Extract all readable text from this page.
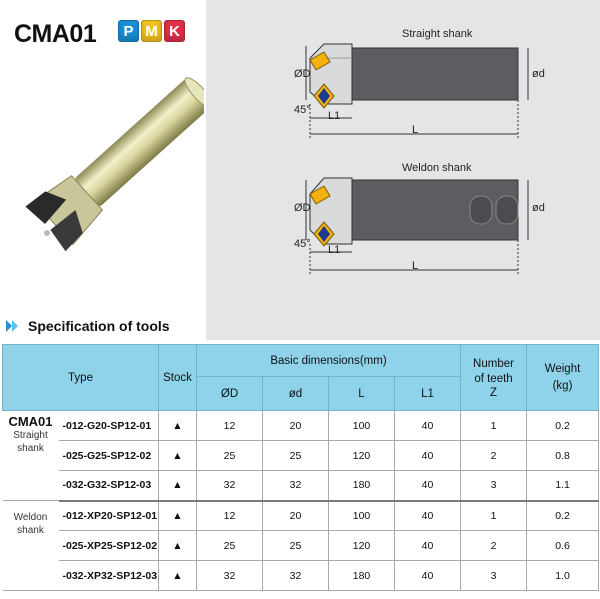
CMA01	P M K
Specification of tools
Straight shank
ØD	ød
45° L1
L
Weldon shank
ØD	ød
45° L1
L
Type		Stock	Basic dimensions(mm)				Number of teeth
Z	Weight (kg)
			ØD	ød	L	L1		

CMA01
Straight shank	-012-G20-SP12-01	▲	12	20	100	40	1	0.2
	-025-G25-SP12-02	▲	25	25	120	40	2	0.8
	-032-G32-SP12-03	▲	32	32	180	40	3	1.1
Weldon shank	-012-XP20-SP12-01	▲	12	20	100	40	1	0.2
	-025-XP25-SP12-02	▲	25	25	120	40	2	0.6
	-032-XP32-SP12-03	▲	32	32	180	40	3	1.0
